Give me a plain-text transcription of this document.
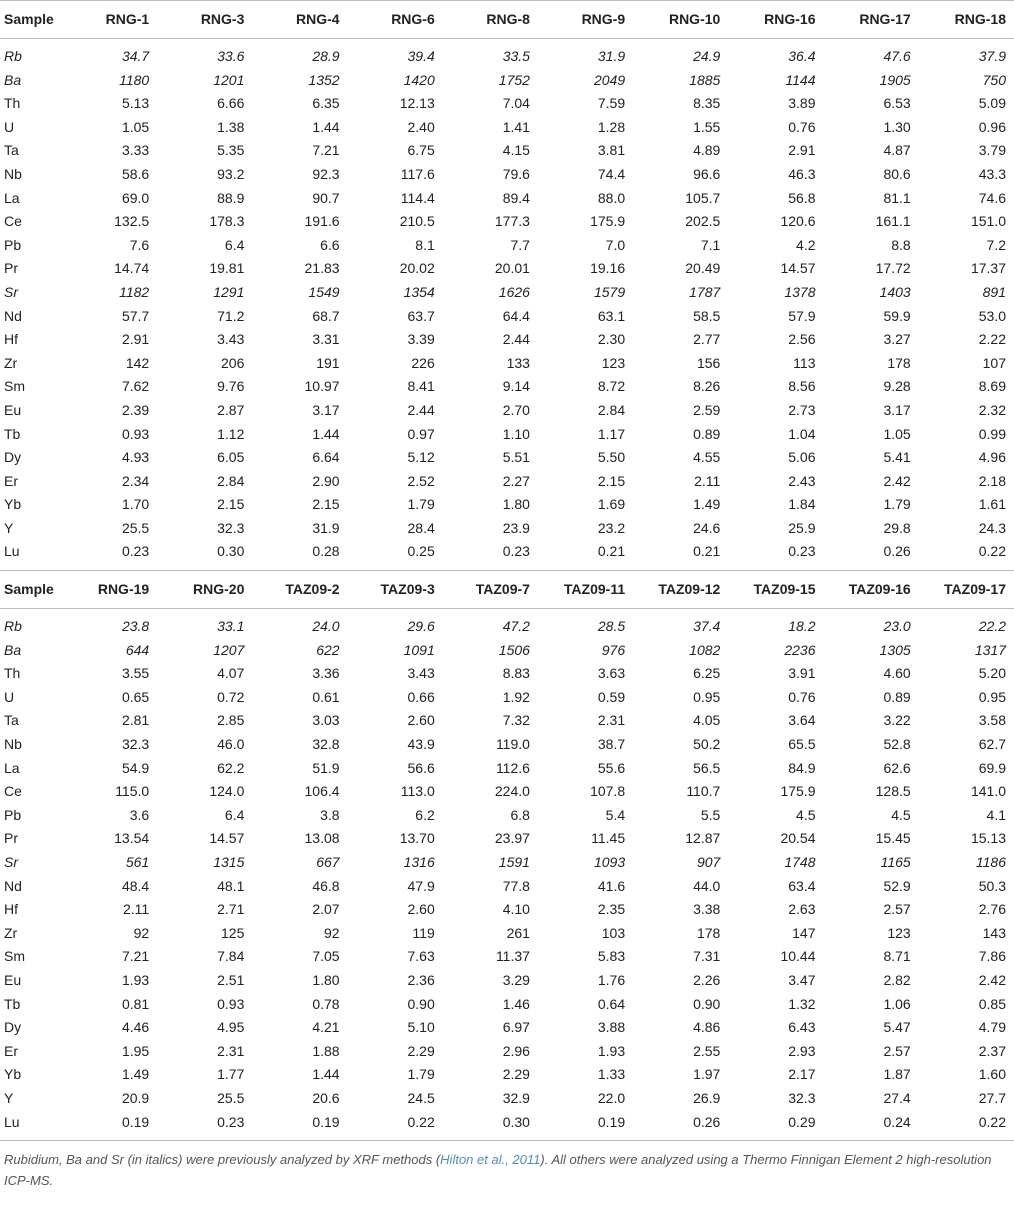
Sample	RNG-1	RNG-3	RNG-4	RNG-6	RNG-8	RNG-9	RNG-10	RNG-16	RNG-17	RNG-18

Rb	34.7	33.6	28.9	39.4	33.5	31.9	24.9	36.4	47.6	37.9
Ba	1180	1201	1352	1420	1752	2049	1885	1144	1905	750
Th	5.13	6.66	6.35	12.13	7.04	7.59	8.35	3.89	6.53	5.09
U	1.05	1.38	1.44	2.40	1.41	1.28	1.55	0.76	1.30	0.96
Ta	3.33	5.35	7.21	6.75	4.15	3.81	4.89	2.91	4.87	3.79
Nb	58.6	93.2	92.3	117.6	79.6	74.4	96.6	46.3	80.6	43.3
La	69.0	88.9	90.7	114.4	89.4	88.0	105.7	56.8	81.1	74.6
Ce	132.5	178.3	191.6	210.5	177.3	175.9	202.5	120.6	161.1	151.0
Pb	7.6	6.4	6.6	8.1	7.7	7.0	7.1	4.2	8.8	7.2
Pr	14.74	19.81	21.83	20.02	20.01	19.16	20.49	14.57	17.72	17.37
Sr	1182	1291	1549	1354	1626	1579	1787	1378	1403	891
Nd	57.7	71.2	68.7	63.7	64.4	63.1	58.5	57.9	59.9	53.0
Hf	2.91	3.43	3.31	3.39	2.44	2.30	2.77	2.56	3.27	2.22
Zr	142	206	191	226	133	123	156	113	178	107
Sm	7.62	9.76	10.97	8.41	9.14	8.72	8.26	8.56	9.28	8.69
Eu	2.39	2.87	3.17	2.44	2.70	2.84	2.59	2.73	3.17	2.32
Tb	0.93	1.12	1.44	0.97	1.10	1.17	0.89	1.04	1.05	0.99
Dy	4.93	6.05	6.64	5.12	5.51	5.50	4.55	5.06	5.41	4.96
Er	2.34	2.84	2.90	2.52	2.27	2.15	2.11	2.43	2.42	2.18
Yb	1.70	2.15	2.15	1.79	1.80	1.69	1.49	1.84	1.79	1.61
Y	25.5	32.3	31.9	28.4	23.9	23.2	24.6	25.9	29.8	24.3
Lu	0.23	0.30	0.28	0.25	0.23	0.21	0.21	0.23	0.26	0.22

Sample	RNG-19	RNG-20	TAZ09-2	TAZ09-3	TAZ09-7	TAZ09-11	TAZ09-12	TAZ09-15	TAZ09-16	TAZ09-17

Rb	23.8	33.1	24.0	29.6	47.2	28.5	37.4	18.2	23.0	22.2
Ba	644	1207	622	1091	1506	976	1082	2236	1305	1317
Th	3.55	4.07	3.36	3.43	8.83	3.63	6.25	3.91	4.60	5.20
U	0.65	0.72	0.61	0.66	1.92	0.59	0.95	0.76	0.89	0.95
Ta	2.81	2.85	3.03	2.60	7.32	2.31	4.05	3.64	3.22	3.58
Nb	32.3	46.0	32.8	43.9	119.0	38.7	50.2	65.5	52.8	62.7
La	54.9	62.2	51.9	56.6	112.6	55.6	56.5	84.9	62.6	69.9
Ce	115.0	124.0	106.4	113.0	224.0	107.8	110.7	175.9	128.5	141.0
Pb	3.6	6.4	3.8	6.2	6.8	5.4	5.5	4.5	4.5	4.1
Pr	13.54	14.57	13.08	13.70	23.97	11.45	12.87	20.54	15.45	15.13
Sr	561	1315	667	1316	1591	1093	907	1748	1165	1186
Nd	48.4	48.1	46.8	47.9	77.8	41.6	44.0	63.4	52.9	50.3
Hf	2.11	2.71	2.07	2.60	4.10	2.35	3.38	2.63	2.57	2.76
Zr	92	125	92	119	261	103	178	147	123	143
Sm	7.21	7.84	7.05	7.63	11.37	5.83	7.31	10.44	8.71	7.86
Eu	1.93	2.51	1.80	2.36	3.29	1.76	2.26	3.47	2.82	2.42
Tb	0.81	0.93	0.78	0.90	1.46	0.64	0.90	1.32	1.06	0.85
Dy	4.46	4.95	4.21	5.10	6.97	3.88	4.86	6.43	5.47	4.79
Er	1.95	2.31	1.88	2.29	2.96	1.93	2.55	2.93	2.57	2.37
Yb	1.49	1.77	1.44	1.79	2.29	1.33	1.97	2.17	1.87	1.60
Y	20.9	25.5	20.6	24.5	32.9	22.0	26.9	32.3	27.4	27.7
Lu	0.19	0.23	0.19	0.22	0.30	0.19	0.26	0.29	0.24	0.22

Rubidium, Ba and Sr (in italics) were previously analyzed by XRF methods (Hilton et al., 2011). All others were analyzed using a Thermo Finnigan Element 2 high-resolution ICP-MS.
